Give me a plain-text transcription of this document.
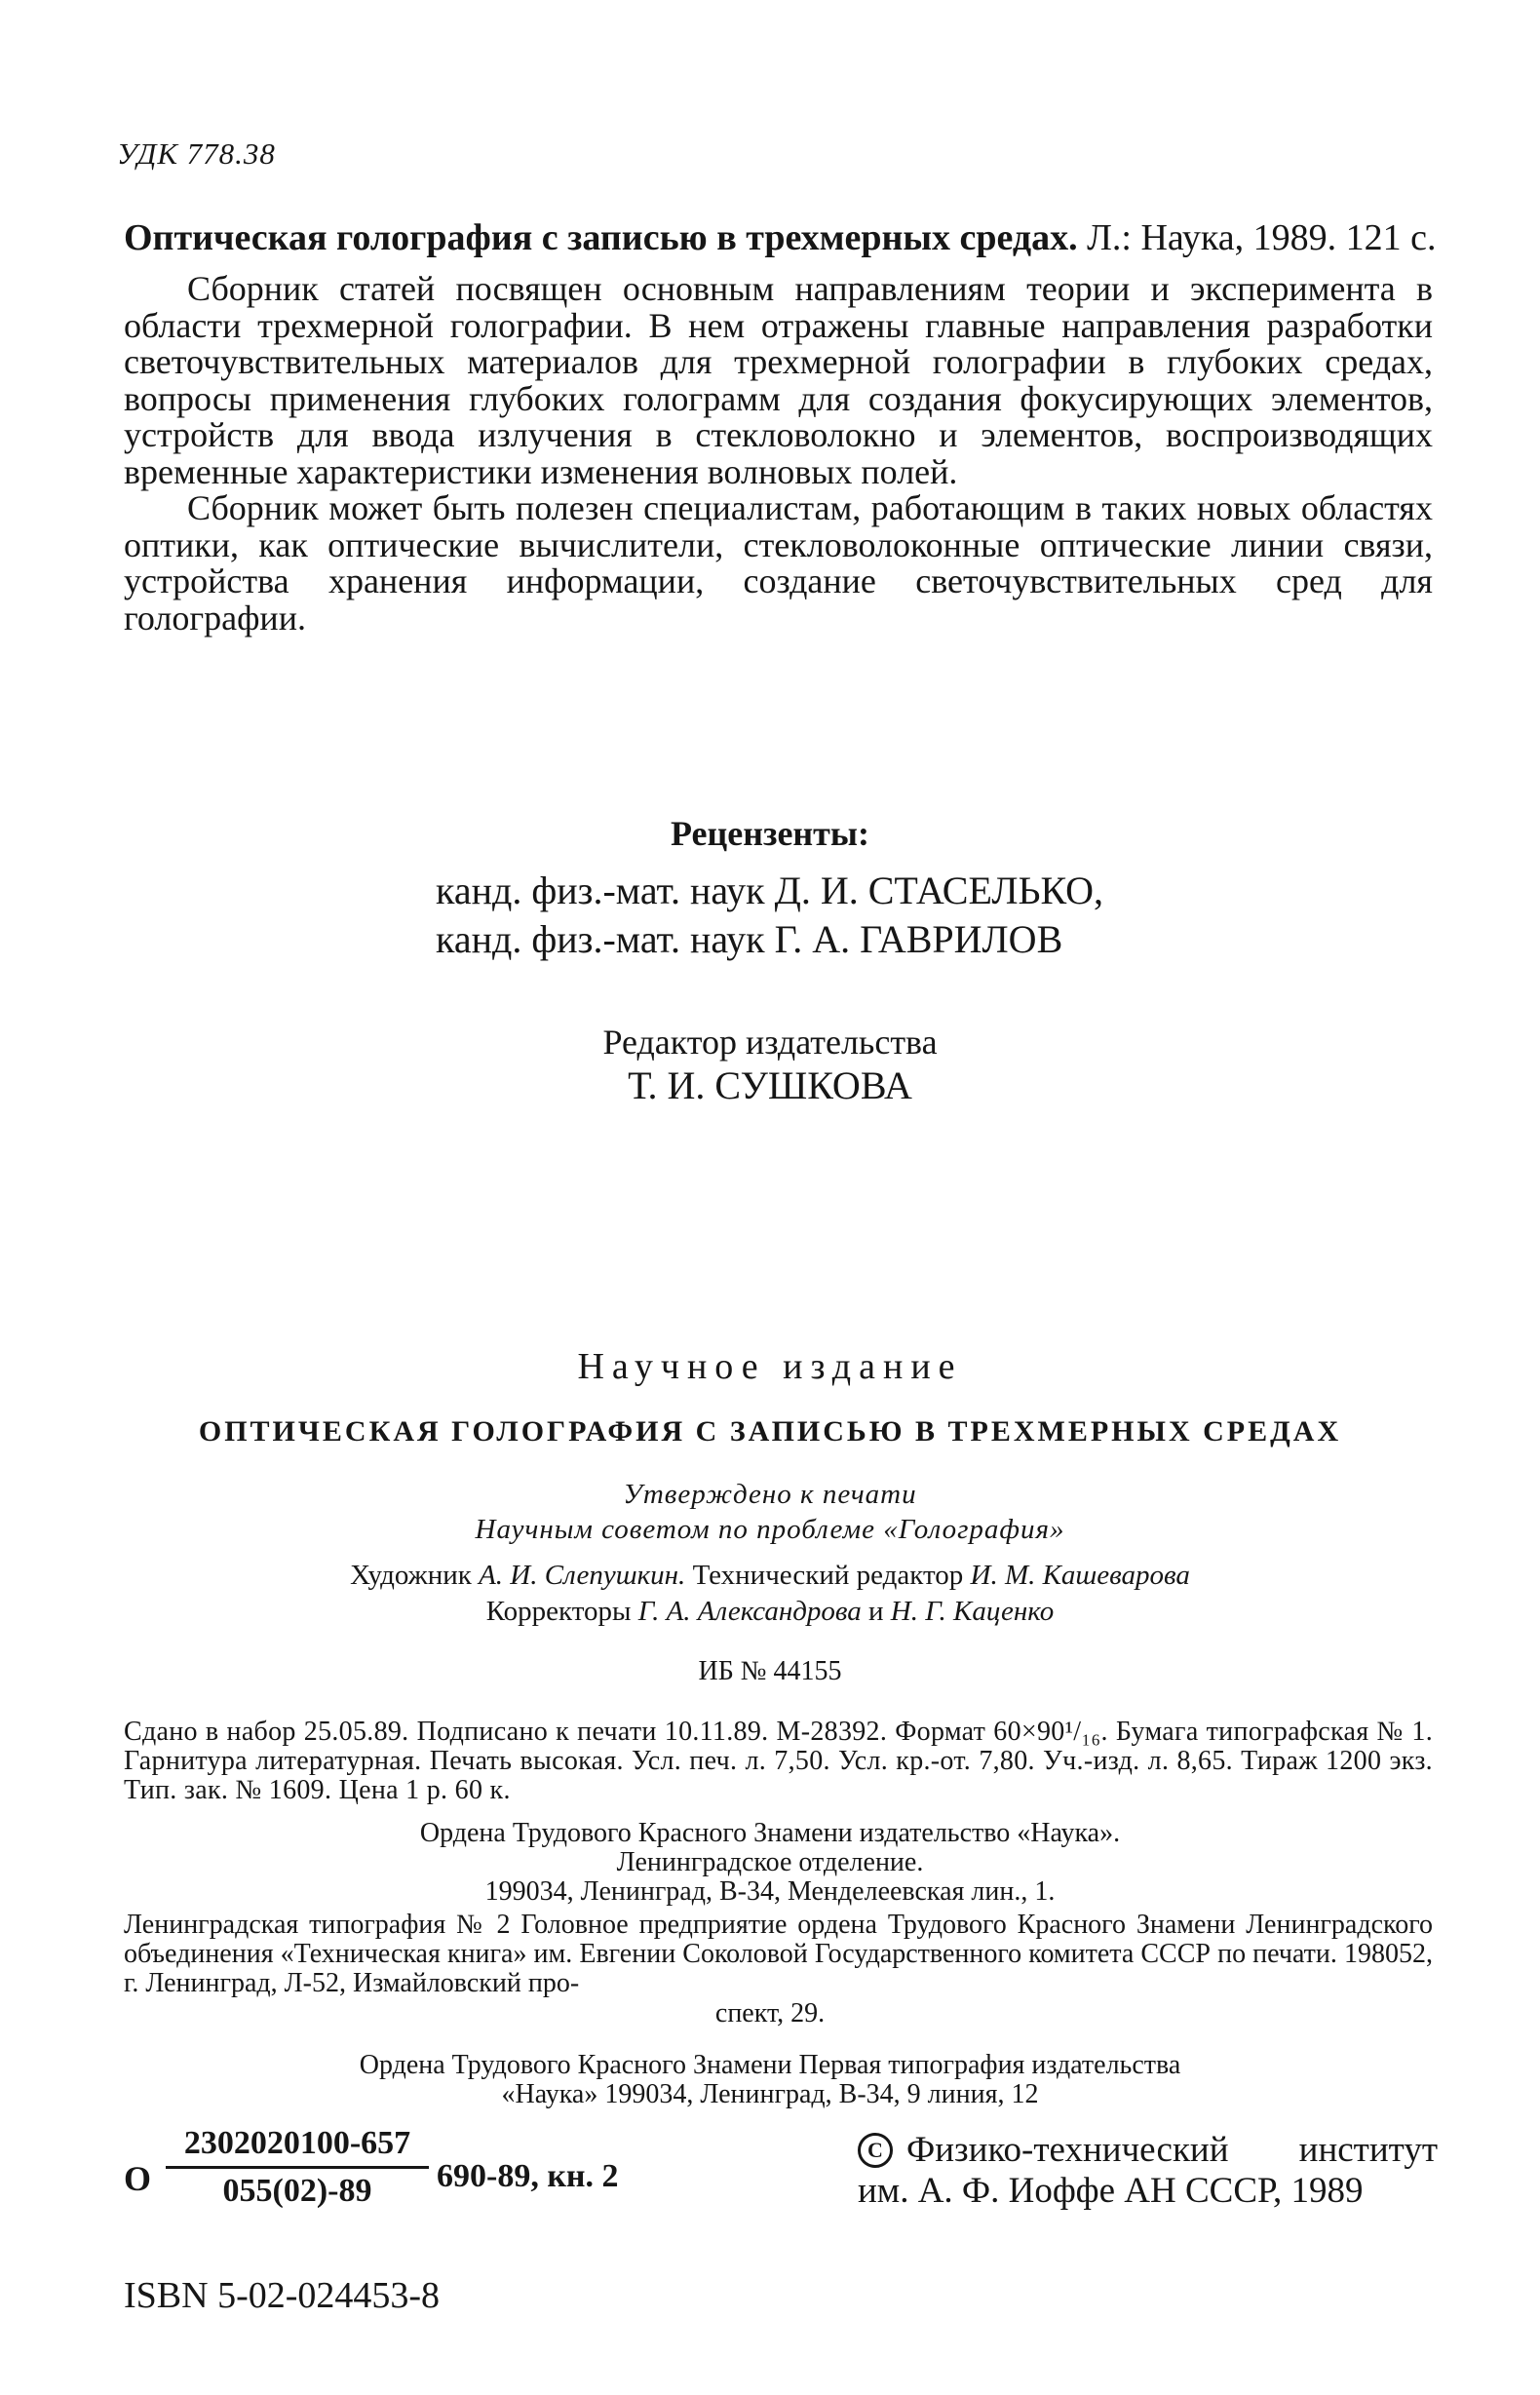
УДК 778.38
Оптическая голография с записью в трехмерных средах. Л.: Наука, 1989. 121 с.

Сборник статей посвящен основным направлениям теории и эксперимента в области трехмерной голографии. В нем отражены главные направления разработки светочувствительных материалов для трехмерной голографии в глубоких средах, вопросы применения глубоких голограмм для создания фокусирующих элементов, устройств для ввода излучения в стекловолокно и элементов, воспроизводящих временные характеристики изменения волновых полей.

Сборник может быть полезен специалистам, работающим в таких новых областях оптики, как оптические вычислители, стекловолоконные оптические линии связи, устройства хранения информации, создание светочувствительных сред для голографии.

Рецензенты:
канд. физ.-мат. наук Д. И. СТАСЕЛЬКО,
канд. физ.-мат. наук Г. А. ГАВРИЛОВ
Редактор издательства
Т. И. СУШКОВА
Научное издание
ОПТИЧЕСКАЯ ГОЛОГРАФИЯ С ЗАПИСЬЮ В ТРЕХМЕРНЫХ СРЕДАХ
Утверждено к печати
Научным советом по проблеме «Голография»
Художник А. И. Слепушкин. Технический редактор И. М. Кашеварова
Корректоры Г. А. Александрова и Н. Г. Каценко
ИБ № 44155
Сдано в набор 25.05.89. Подписано к печати 10.11.89. М-28392. Формат 60×90¹/₁₆. Бумага типографская № 1. Гарнитура литературная. Печать высокая. Усл. печ. л. 7,50. Усл. кр.-от. 7,80. Уч.-изд. л. 8,65. Тираж 1200 экз. Тип. зак. № 1609. Цена 1 р. 60 к.
Ордена Трудового Красного Знамени издательство «Наука».
Ленинградское отделение.
199034, Ленинград, В-34, Менделеевская лин., 1.
Ленинградская типография № 2 Головное предприятие ордена Трудового Красного Знамени Ленинградского объединения «Техническая книга» им. Евгении Соколовой Государственного комитета СССР по печати. 198052, г. Ленинград, Л-52, Измайловский про-
спект, 29.
Ордена Трудового Красного Знамени Первая типография издательства
«Наука» 199034, Ленинград, В-34, 9 линия, 12
О $\frac{2302020100-657}{055(02)-89} 690-89$, кн. 2
C Физико-технический институт
им. А. Ф. Иоффе АН СССР, 1989
ISBN 5-02-024453-8
